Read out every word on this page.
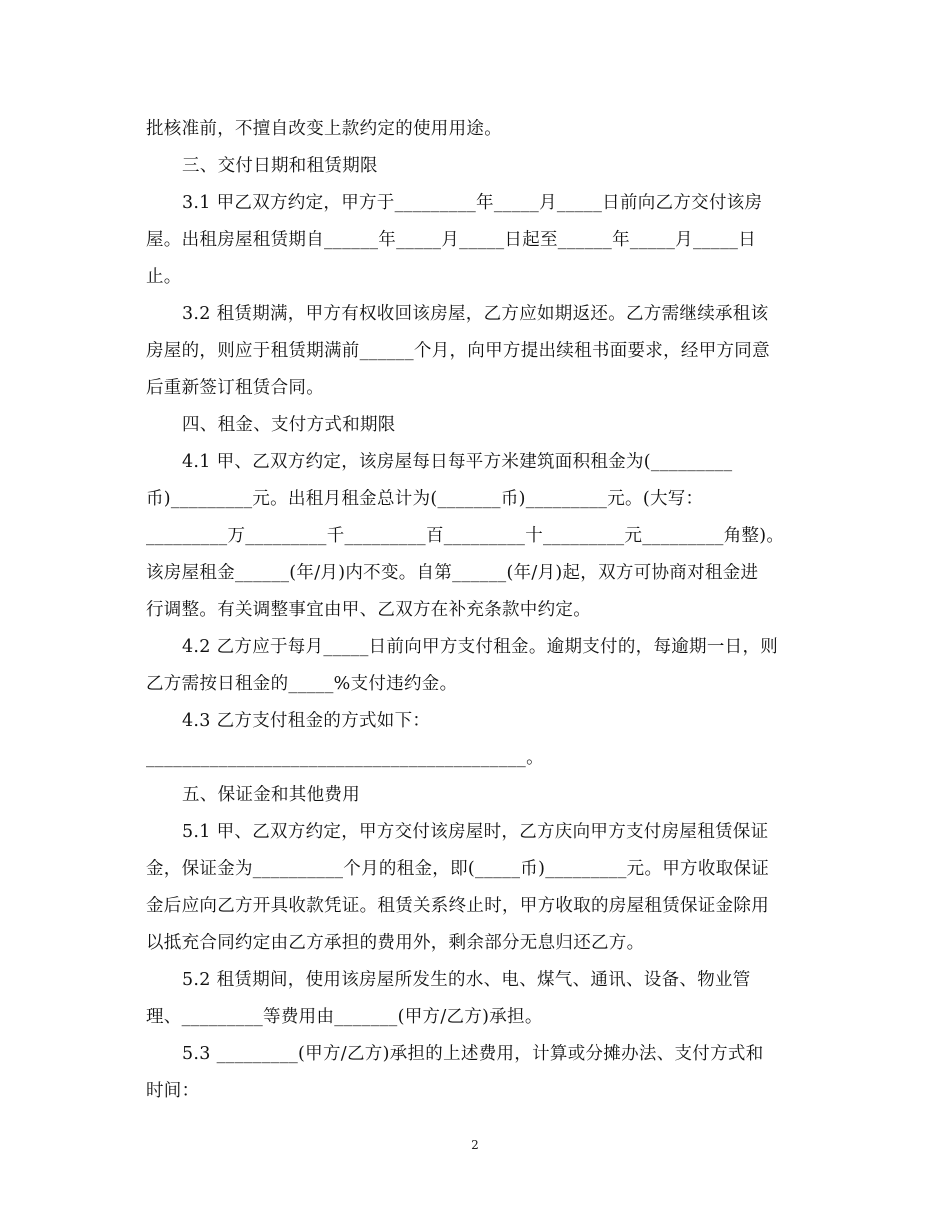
批核准前，不擅自改变上款约定的使用用途。
三、交付日期和租赁期限
3.1 甲乙双方约定，甲方于_________年_____月_____日前向乙方交付该房
屋。出租房屋租赁期自______年_____月_____日起至______年_____月_____日
止。
3.2 租赁期满，甲方有权收回该房屋，乙方应如期返还。乙方需继续承租该
房屋的，则应于租赁期满前______个月，向甲方提出续租书面要求，经甲方同意
后重新签订租赁合同。
四、租金、支付方式和期限
4.1 甲、乙双方约定，该房屋每日每平方米建筑面积租金为(_________
币)_________元。出租月租金总计为(_______币)_________元。(大写：
_________万_________千_________百_________十_________元_________角整)。
该房屋租金______(年/月)内不变。自第______(年/月)起，双方可协商对租金进
行调整。有关调整事宜由甲、乙双方在补充条款中约定。
4.2 乙方应于每月_____日前向甲方支付租金。逾期支付的，每逾期一日，则
乙方需按日租金的_____%支付违约金。
4.3 乙方支付租金的方式如下：
__________________________________________。
五、保证金和其他费用
5.1 甲、乙双方约定，甲方交付该房屋时，乙方庆向甲方支付房屋租赁保证
金，保证金为__________个月的租金，即(_____币)_________元。甲方收取保证
金后应向乙方开具收款凭证。租赁关系终止时，甲方收取的房屋租赁保证金除用
以抵充合同约定由乙方承担的费用外，剩余部分无息归还乙方。
5.2 租赁期间，使用该房屋所发生的水、电、煤气、通讯、设备、物业管
理、_________等费用由_______(甲方/乙方)承担。
5.3 _________(甲方/乙方)承担的上述费用，计算或分摊办法、支付方式和
时间：
2
